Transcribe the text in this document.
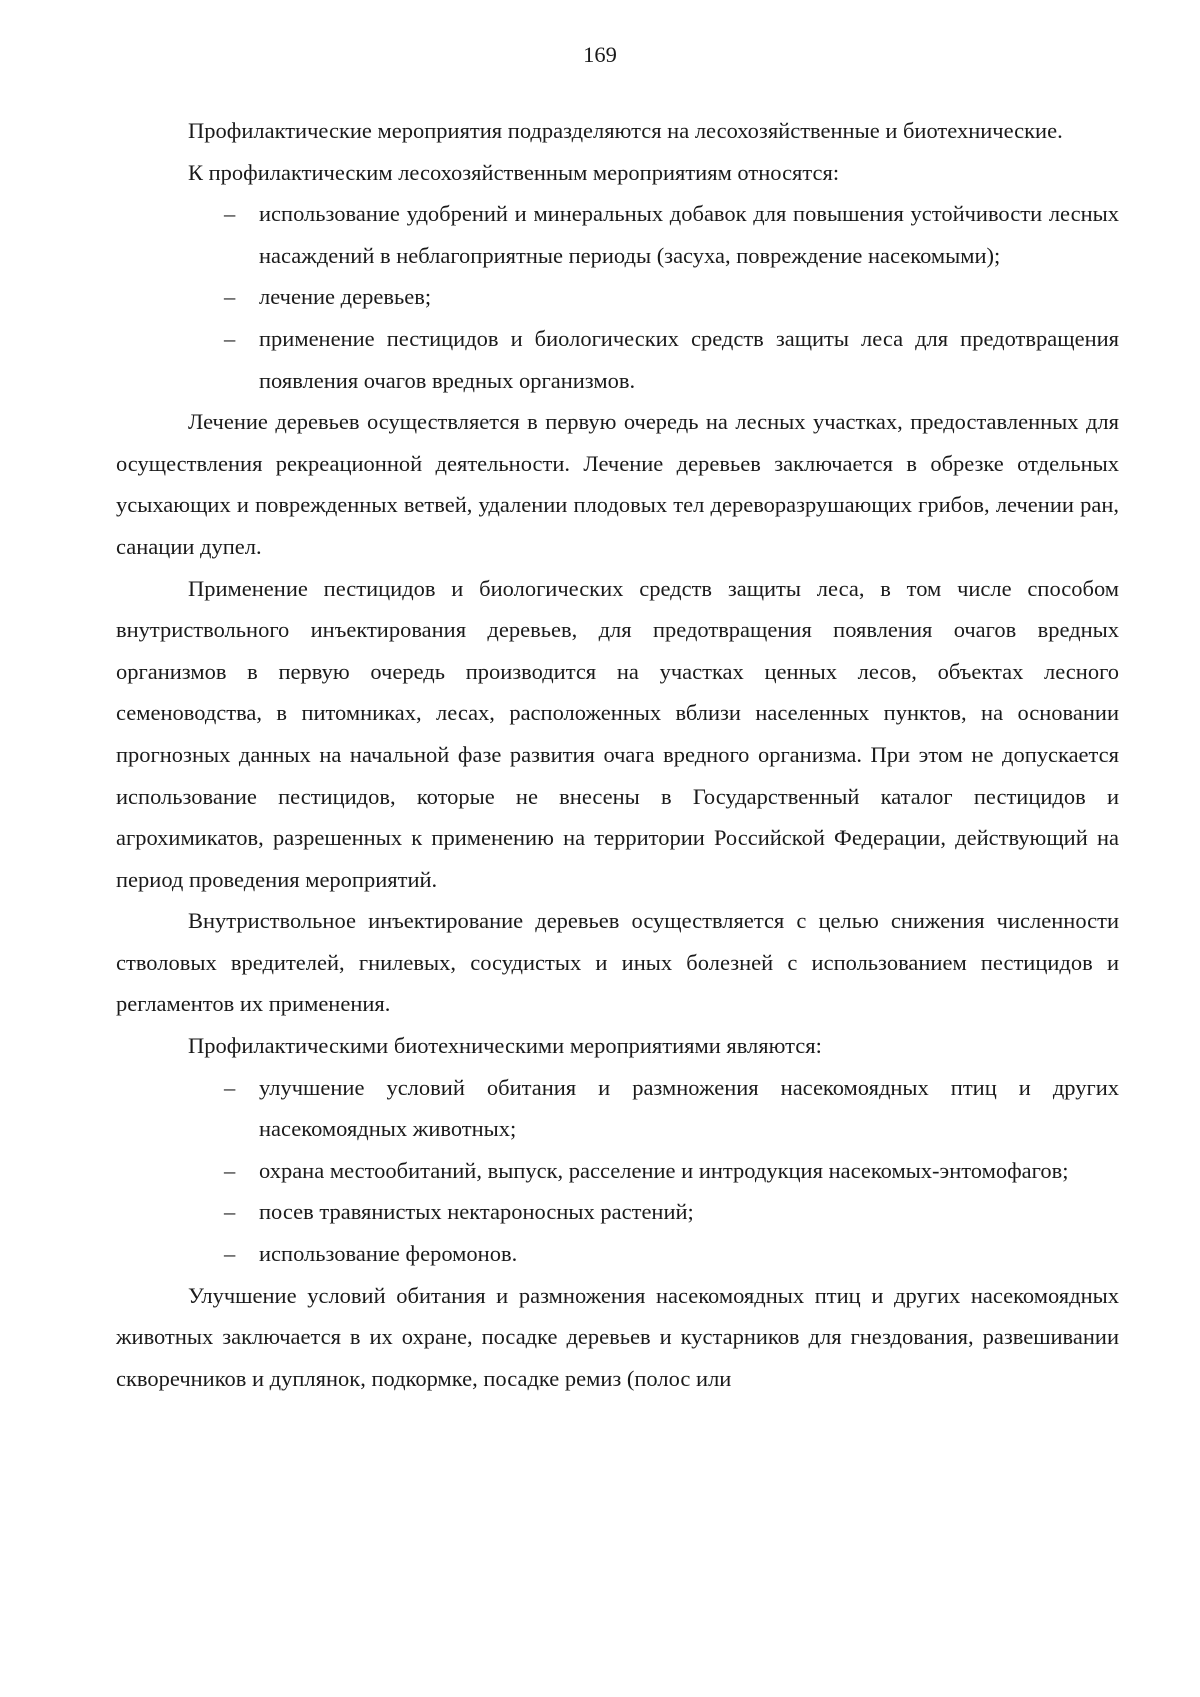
169

Профилактические мероприятия подразделяются на лесохозяйственные и биотехнические.

К профилактическим лесохозяйственным мероприятиям относятся:

– использование удобрений и минеральных добавок для повышения устойчивости лесных насаждений в неблагоприятные периоды (засуха, повреждение насекомыми);
– лечение деревьев;
– применение пестицидов и биологических средств защиты леса для предотвращения появления очагов вредных организмов.

Лечение деревьев осуществляется в первую очередь на лесных участках, предоставленных для осуществления рекреационной деятельности. Лечение деревьев заключается в обрезке отдельных усыхающих и поврежденных ветвей, удалении плодовых тел дереворазрушающих грибов, лечении ран, санации дупел.

Применение пестицидов и биологических средств защиты леса, в том числе способом внутриствольного инъектирования деревьев, для предотвращения появления очагов вредных организмов в первую очередь производится на участках ценных лесов, объектах лесного семеноводства, в питомниках, лесах, расположенных вблизи населенных пунктов, на основании прогнозных данных на начальной фазе развития очага вредного организма. При этом не допускается использование пестицидов, которые не внесены в Государственный каталог пестицидов и агрохимикатов, разрешенных к применению на территории Российской Федерации, действующий на период проведения мероприятий.

Внутриствольное инъектирование деревьев осуществляется с целью снижения численности стволовых вредителей, гнилевых, сосудистых и иных болезней с использованием пестицидов и регламентов их применения.

Профилактическими биотехническими мероприятиями являются:

– улучшение условий обитания и размножения насекомоядных птиц и других насекомоядных животных;
– охрана местообитаний, выпуск, расселение и интродукция насекомых-энтомофагов;
– посев травянистых нектароносных растений;
– использование феромонов.

Улучшение условий обитания и размножения насекомоядных птиц и других насекомоядных животных заключается в их охране, посадке деревьев и кустарников для гнездования, развешивании скворечников и дуплянок, подкормке, посадке ремиз (полос или
